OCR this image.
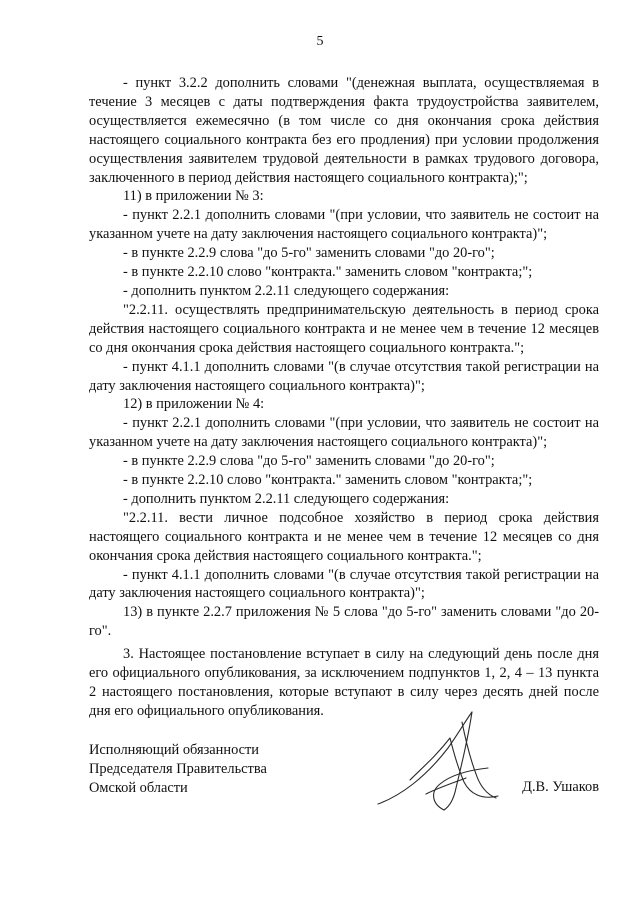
5

- пункт 3.2.2 дополнить словами "(денежная выплата, осуществляемая в течение 3 месяцев с даты подтверждения факта трудоустройства заявителем, осуществляется ежемесячно (в том числе со дня окончания срока действия настоящего социального контракта без его продления) при условии продолжения осуществления заявителем трудовой деятельности в рамках трудового договора, заключенного в период действия настоящего социального контракта);";

11) в приложении № 3:

- пункт 2.2.1 дополнить словами "(при условии, что заявитель не состоит на указанном учете на дату заключения настоящего социального контракта)";

- в пункте 2.2.9 слова "до 5-го" заменить словами "до 20-го";

- в пункте 2.2.10 слово "контракта." заменить словом "контракта;";

- дополнить пунктом 2.2.11 следующего содержания:

"2.2.11. осуществлять предпринимательскую деятельность в период срока действия настоящего социального контракта и не менее чем в течение 12 месяцев со дня окончания срока действия настоящего социального контракта.";

- пункт 4.1.1 дополнить словами "(в случае отсутствия такой регистрации на дату заключения настоящего социального контракта)";

12) в приложении № 4:

- пункт 2.2.1 дополнить словами "(при условии, что заявитель не состоит на указанном учете на дату заключения настоящего социального контракта)";

- в пункте 2.2.9 слова "до 5-го" заменить словами "до 20-го";

- в пункте 2.2.10 слово "контракта." заменить словом "контракта;";

- дополнить пунктом 2.2.11 следующего содержания:

"2.2.11. вести личное подсобное хозяйство в период срока действия настоящего социального контракта и не менее чем в течение 12 месяцев со дня окончания срока действия настоящего социального контракта.";

- пункт 4.1.1 дополнить словами "(в случае отсутствия такой регистрации на дату заключения настоящего социального контракта)";

13) в пункте 2.2.7 приложения № 5 слова "до 5-го" заменить словами "до 20-го".

3. Настоящее постановление вступает в силу на следующий день после дня его официального опубликования, за исключением подпунктов 1, 2, 4 – 13 пункта 2 настоящего постановления, которые вступают в силу через десять дней после дня его официального опубликования.

Исполняющий обязанности
Председателя Правительства
Омской области	Д.В. Ушаков
